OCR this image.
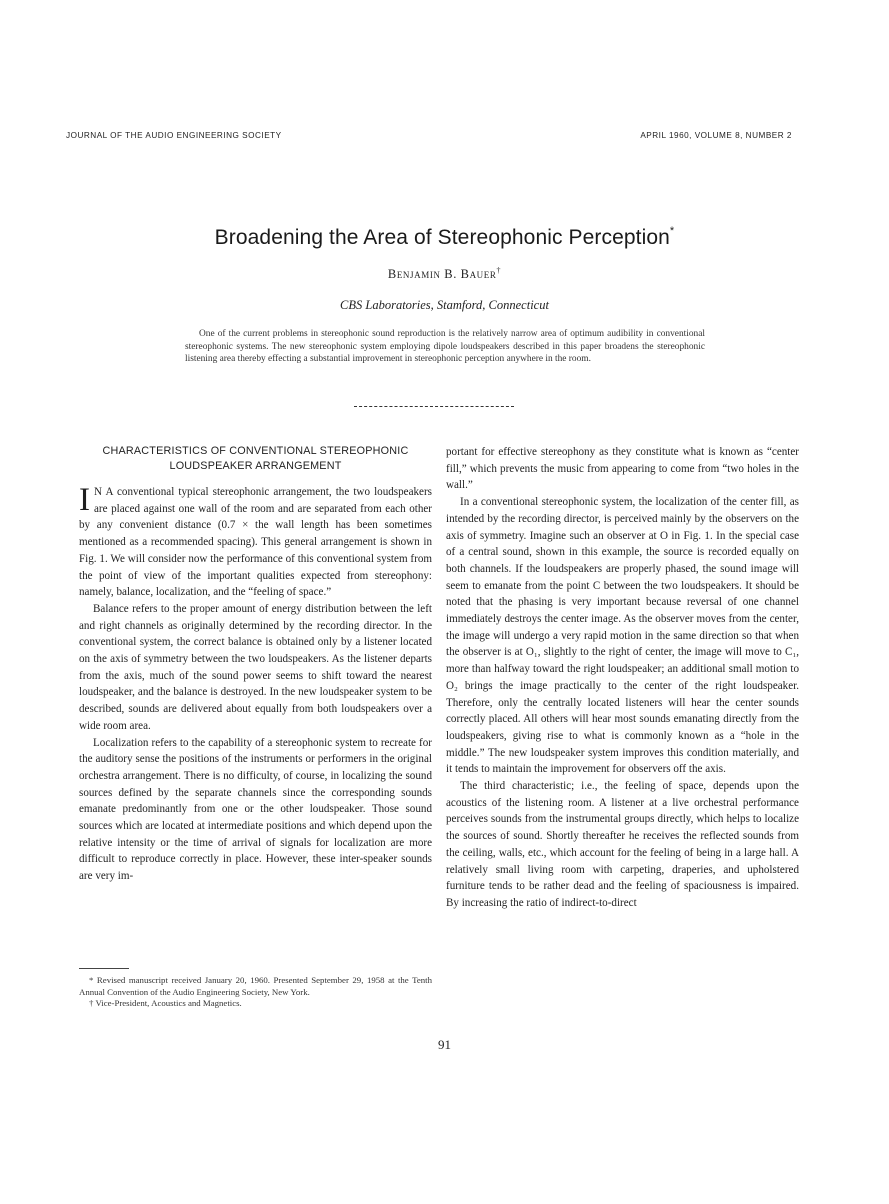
JOURNAL OF THE AUDIO ENGINEERING SOCIETY	APRIL 1960, VOLUME 8, NUMBER 2
Broadening the Area of Stereophonic Perception*
Benjamin B. Bauer†
CBS Laboratories, Stamford, Connecticut
One of the current problems in stereophonic sound reproduction is the relatively narrow area of optimum audibility in conventional stereophonic systems. The new stereophonic system employing dipole loudspeakers described in this paper broadens the stereophonic listening area thereby effecting a substantial improvement in stereophonic perception anywhere in the room.
CHARACTERISTICS OF CONVENTIONAL STEREOPHONIC
LOUDSPEAKER ARRANGEMENT

I N A conventional typical stereophonic arrangement, the two loudspeakers are placed against one wall of the room and are separated from each other by any convenient distance (0.7 × the wall length has been sometimes mentioned as a recommended spacing). This general arrangement is shown in Fig. 1. We will consider now the performance of this conventional system from the point of view of the important qualities expected from stereophony: namely, balance, localization, and the “feeling of space.”

Balance refers to the proper amount of energy distribution between the left and right channels as originally determined by the recording director. In the conventional system, the correct balance is obtained only by a listener located on the axis of symmetry between the two loudspeakers. As the listener departs from the axis, much of the sound power seems to shift toward the nearest loudspeaker, and the balance is destroyed. In the new loudspeaker system to be described, sounds are delivered about equally from both loudspeakers over a wide room area.

Localization refers to the capability of a stereophonic system to recreate for the auditory sense the positions of the instruments or performers in the original orchestra arrangement. There is no difficulty, of course, in localizing the sound sources defined by the separate channels since the corresponding sounds emanate predominantly from one or the other loudspeaker. Those sound sources which are located at intermediate positions and which depend upon the relative intensity or the time of arrival of signals for localization are more difficult to reproduce correctly in place. However, these inter-speaker sounds are very im-

portant for effective stereophony as they constitute what is known as “center fill,” which prevents the music from appearing to come from “two holes in the wall.”

In a conventional stereophonic system, the localization of the center fill, as intended by the recording director, is perceived mainly by the observers on the axis of symmetry. Imagine such an observer at O in Fig. 1. In the special case of a central sound, shown in this example, the source is recorded equally on both channels. If the loudspeakers are properly phased, the sound image will seem to emanate from the point C between the two loudspeakers. It should be noted that the phasing is very important because reversal of one channel immediately destroys the center image. As the observer moves from the center, the image will undergo a very rapid motion in the same direction so that when the observer is at O₁, slightly to the right of center, the image will move to C₁, more than halfway toward the right loudspeaker; an additional small motion to O₂ brings the image practically to the center of the right loudspeaker. Therefore, only the centrally located listeners will hear the center sounds correctly placed. All others will hear most sounds emanating directly from the loudspeakers, giving rise to what is commonly known as a “hole in the middle.” The new loudspeaker system improves this condition materially, and it tends to maintain the improvement for observers off the axis.

The third characteristic; i.e., the feeling of space, depends upon the acoustics of the listening room. A listener at a live orchestral performance perceives sounds from the instrumental groups directly, which helps to localize the sources of sound. Shortly thereafter he receives the reflected sounds from the ceiling, walls, etc., which account for the feeling of being in a large hall. A relatively small living room with carpeting, draperies, and upholstered furniture tends to be rather dead and the feeling of spaciousness is impaired. By increasing the ratio of indirect-to-direct

* Revised manuscript received January 20, 1960. Presented September 29, 1958 at the Tenth Annual Convention of the Audio Engineering Society, New York.

† Vice-President, Acoustics and Magnetics.

91
